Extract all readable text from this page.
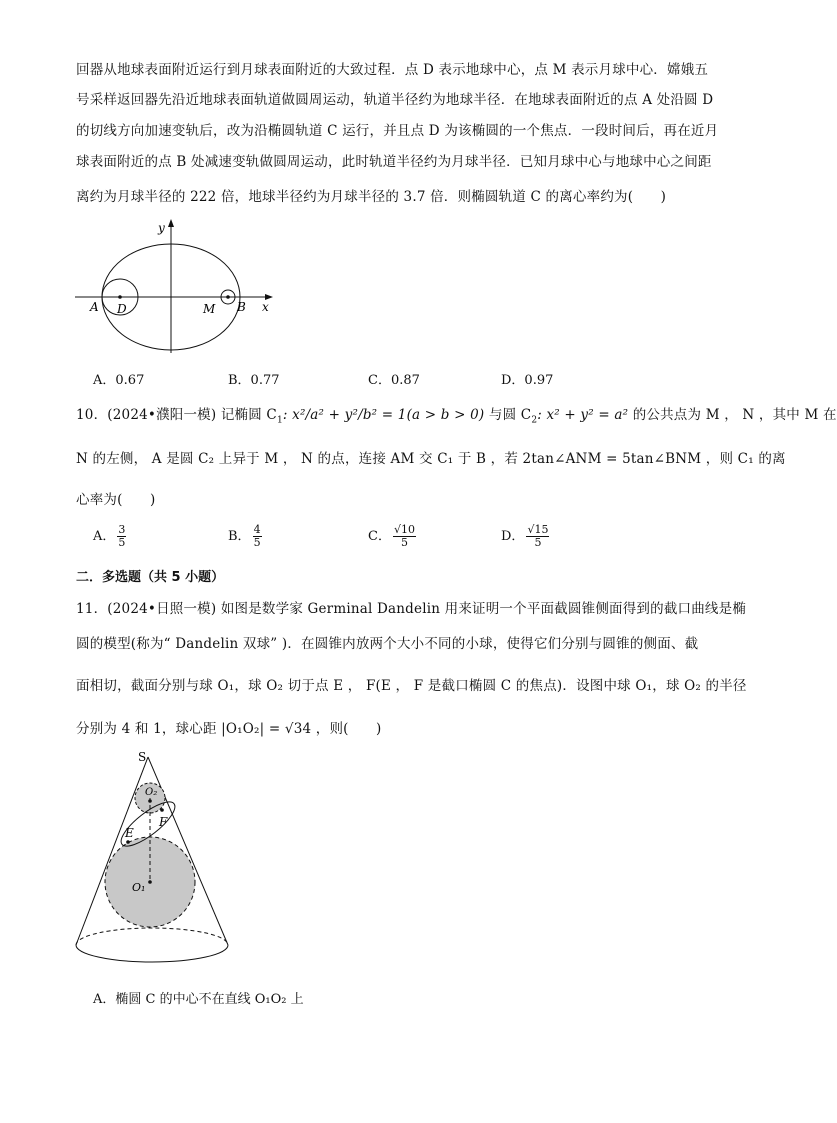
回器从地球表面附近运行到月球表面附近的大致过程．点 D 表示地球中心，点 M 表示月球中心．嫦娥五
号采样返回器先沿近地球表面轨道做圆周运动，轨道半径约为地球半径．在地球表面附近的点 A 处沿圆 D
的切线方向加速变轨后，改为沿椭圆轨道 C 运行，并且点 D 为该椭圆的一个焦点．一段时间后，再在近月
球表面附近的点 B 处减速变轨做圆周运动，此时轨道半径约为月球半径．已知月球中心与地球中心之间距
离约为月球半径的 222 倍，地球半径约为月球半径的 3.7 倍．则椭圆轨道 C 的离心率约为(　　)
y
x
A D	M B
A．0.67	B．0.77	C．0.87	D．0.97
10．(2024•濮阳一模) 记椭圆 $C_1$: x²/a² + y²/b² = 1(a > b > 0) 与圆 $C_2$: x² + y² = a² 的公共点为 M ， N ，其中 M 在
N 的左侧， A 是圆 C₂ 上异于 M ， N 的点，连接 AM 交 C₁ 于 B ，若 2tan∠ANM = 5tan∠BNM ，则 C₁ 的离
心率为(　　)
A． $\frac{3}{5}$	B． $\frac{4}{5}$	C． $\frac{√10}{5}$	D． $\frac{√15}{5}$
二．多选题（共 5 小题）
11．(2024•日照一模) 如图是数学家 Germinal Dandelin 用来证明一个平面截圆锥侧面得到的截口曲线是椭
圆的模型(称为“ Dandelin 双球” )．在圆锥内放两个大小不同的小球，使得它们分别与圆锥的侧面、截
面相切，截面分别与球 O₁，球 O₂ 切于点 E ， F(E ， F 是截口椭圆 C 的焦点)．设图中球 O₁，球 O₂ 的半径
分别为 4 和 1，球心距 |O₁O₂| = √34 ，则(　　)
S
O₂
F
E
O₁
A．椭圆 C 的中心不在直线 O₁O₂ 上
